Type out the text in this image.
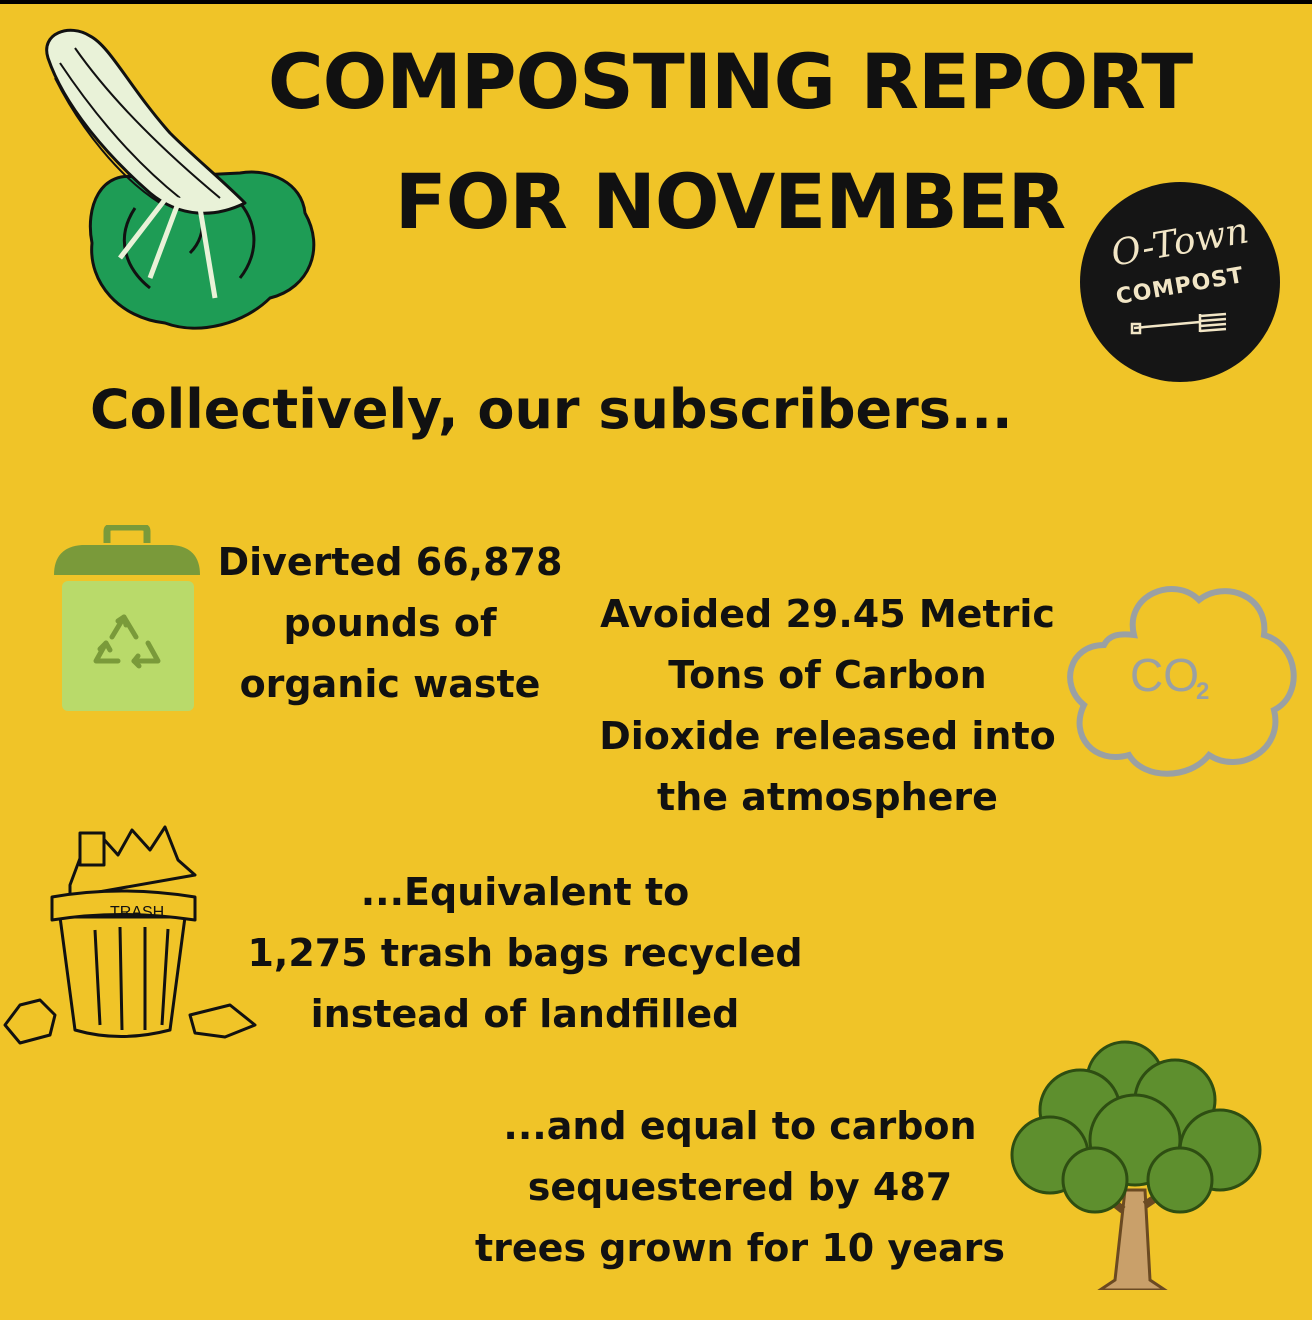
COMPOSTING REPORT
FOR NOVEMBER	O-Town
COMPOST
Collectively, our subscribers...
Diverted 66,878
pounds of
organic waste
Avoided 29.45 Metric
Tons of Carbon
Dioxide released into
the atmosphere
CO
2
TRASH	...Equivalent to
1,275 trash bags recycled
instead of landfilled
...and equal to carbon
sequestered by 487
trees grown for 10 years
